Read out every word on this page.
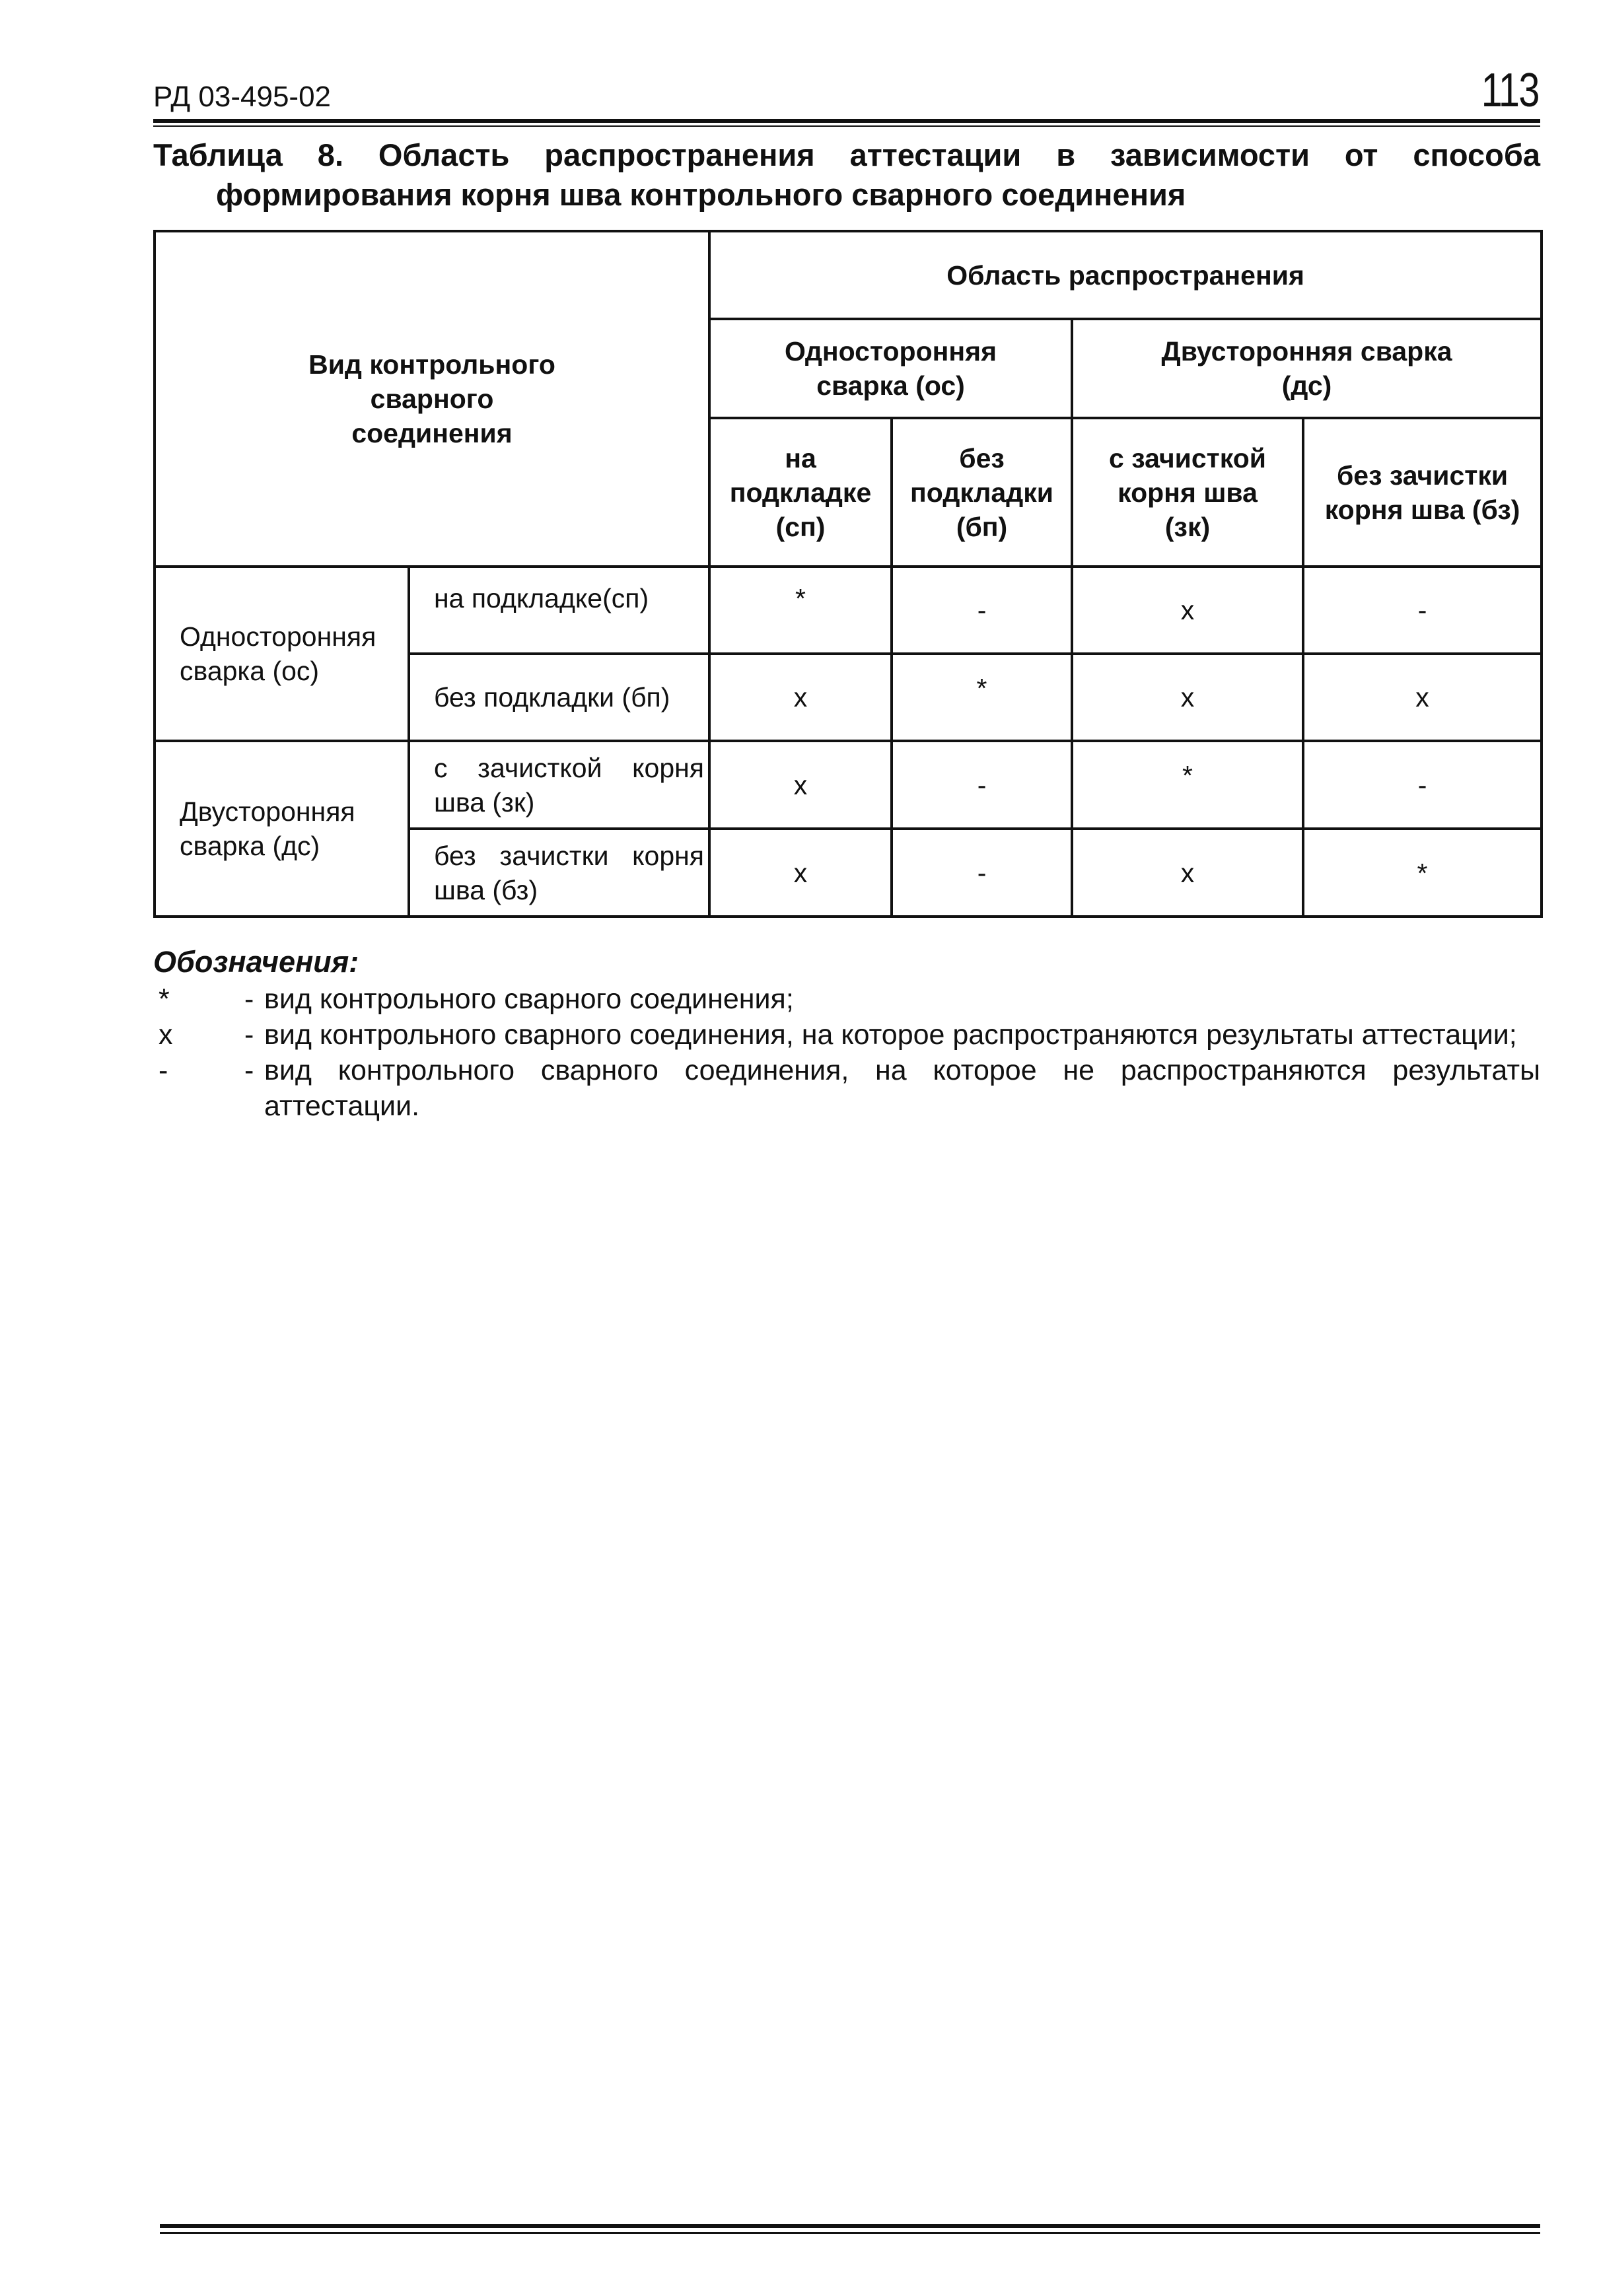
РД 03-495-02	113
Таблица 8. Область распространения аттестации в зависимости от способа
формирования корня шва контрольного сварного соединения
Вид контрольного сварного соединения		Область распространения			
		Односторонняя сварка (ос)		Двусторонняя сварка (дс)	
		на подкладке (сп)	без подкладки (бп)	с зачисткой корня шва (зк)	без зачистки корня шва (бз)
Односторонняя сварка (ос)	на подкладке(сп)	*	-	x	-
	без подкладки (бп)	x	*	x	x
Двусторонняя сварка (дс)	с зачисткой корня шва (зк)	x	-	*	-
	без зачистки корня шва (бз)	x	-	x	*
Обозначения:
*	- вид контрольного сварного соединения;
x	- вид контрольного сварного соединения, на которое распространяются результаты аттестации;
-	- вид контрольного сварного соединения, на которое не распространяются результаты аттестации.
